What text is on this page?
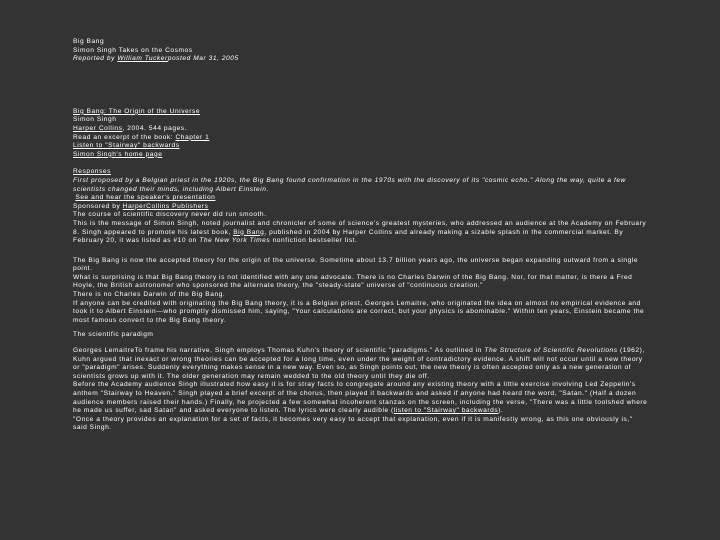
Big Bang
Simon Singh Takes on the Cosmos
Reported by William Tuckerposted Mar 31, 2005
Big Bang: The Origin of the Universe
Simon Singh
Harper Collins, 2004. 544 pages.
Read an excerpt of the book: Chapter 1
Listen to "Stairway" backwards
Simon Singh's home page
Responses
First proposed by a Belgian priest in the 1920s, the Big Bang found confirmation in the 1970s with the discovery of its "cosmic echo." Along the way, quite a few scientists changed their minds, including Albert Einstein.
See and hear the speaker's presentation
Sponsored by HarperCollins Publishers
The course of scientific discovery never did run smooth.
This is the message of Simon Singh, noted journalist and chronicler of some of science's greatest mysteries, who addressed an audience at the Academy on February 8. Singh appeared to promote his latest book, Big Bang, published in 2004 by Harper Collins and already making a sizable splash in the commercial market. By February 20, it was listed as #10 on The New York Times nonfiction bestseller list.
The Big Bang is now the accepted theory for the origin of the universe. Sometime about 13.7 billion years ago, the universe began expanding outward from a single point.
What is surprising is that Big Bang theory is not identified with any one advocate. There is no Charles Darwin of the Big Bang. Nor, for that matter, is there a Fred Hoyle, the British astronomer who sponsored the alternate theory, the "steady-state" universe of "continuous creation."
There is no Charles Darwin of the Big Bang.
If anyone can be credited with originating the Big Bang theory, it is a Belgian priest, Georges Lemaitre, who originated the idea on almost no empirical evidence and took it to Albert Einstein—who promptly dismissed him, saying, "Your calculations are correct, but your physics is abominable." Within ten years, Einstein became the most famous convert to the Big Bang theory.
The scientific paradigm
Georges LemaitreTo frame his narrative, Singh employs Thomas Kuhn's theory of scientific "paradigms." As outlined in The Structure of Scientific Revolutions (1962), Kuhn argued that inexact or wrong theories can be accepted for a long time, even under the weight of contradictory evidence. A shift will not occur until a new theory or "paradigm" arises. Suddenly everything makes sense in a new way. Even so, as Singh points out, the new theory is often accepted only as a new generation of scientists grows up with it. The older generation may remain wedded to the old theory until they die off.
Before the Academy audience Singh illustrated how easy it is for stray facts to congregate around any existing theory with a little exercise involving Led Zeppelin's anthem "Stairway to Heaven." Singh played a brief excerpt of the chorus, then played it backwards and asked if anyone had heard the word, "Satan." (Half a dozen audience members raised their hands.) Finally, he projected a few somewhat incoherent stanzas on the screen, including the verse, "There was a little toolshed where he made us suffer, sad Satan" and asked everyone to listen. The lyrics were clearly audible (listen to "Stairway" backwards).
"Once a theory provides an explanation for a set of facts, it becomes very easy to accept that explanation, even if it is manifestly wrong, as this one obviously is," said Singh.
